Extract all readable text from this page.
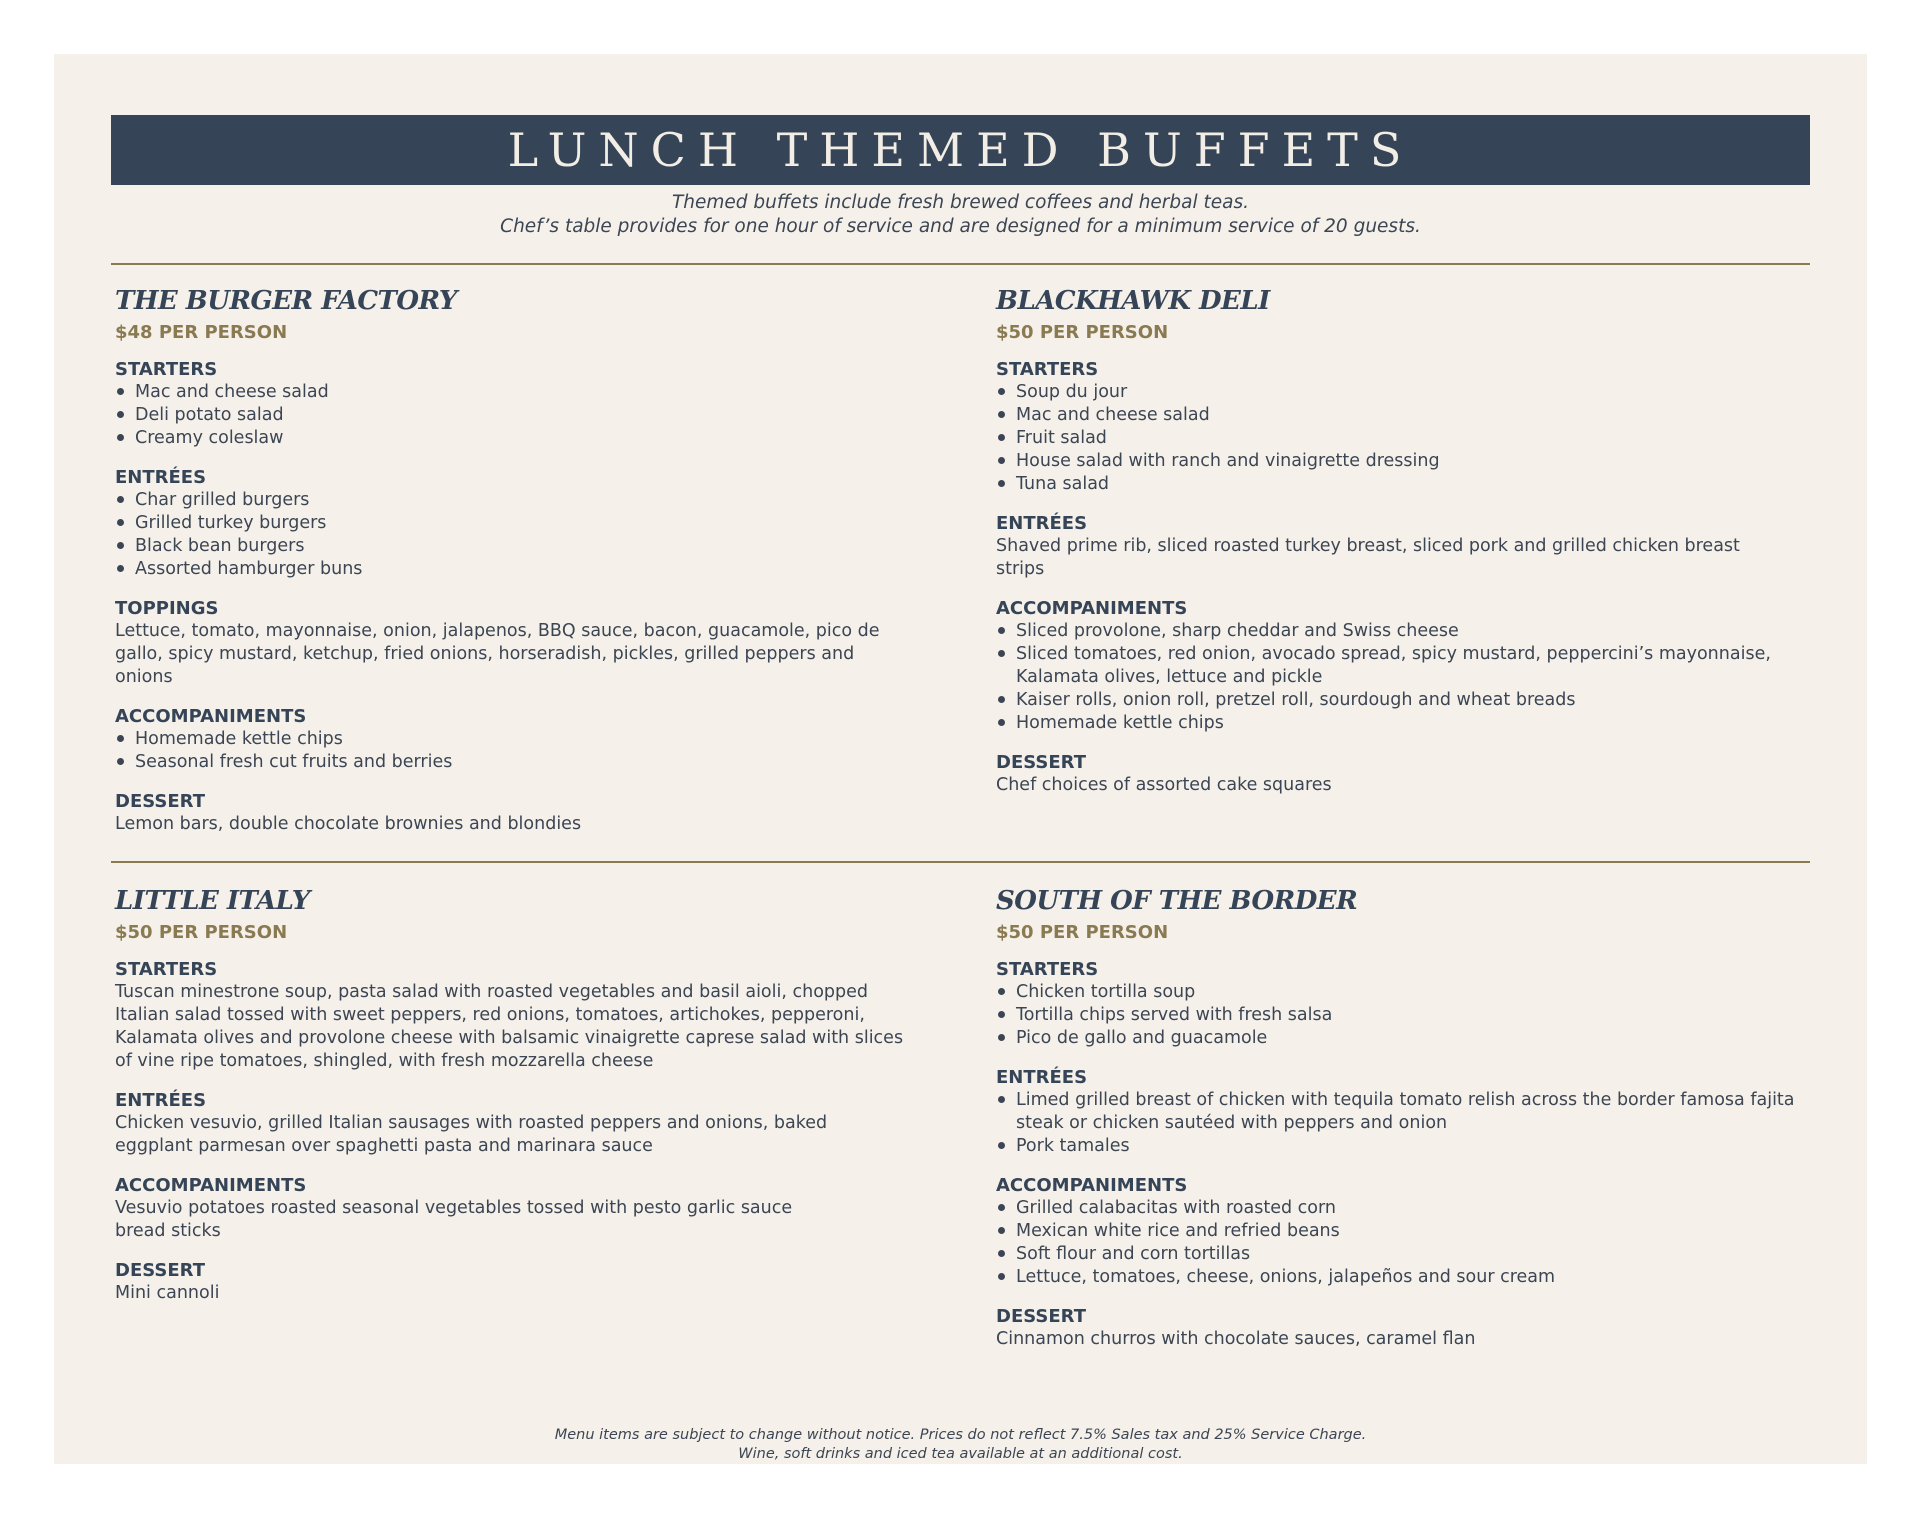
LUNCH THEMED BUFFETS
Themed buffets include fresh brewed coffees and herbal teas.
Chef’s table provides for one hour of service and are designed for a minimum service of 20 guests.
THE BURGER FACTORY
$48 PER PERSON
STARTERS
Mac and cheese salad
Deli potato salad
Creamy coleslaw
ENTRÉES
Char grilled burgers
Grilled turkey burgers
Black bean burgers
Assorted hamburger buns
TOPPINGS
Lettuce, tomato, mayonnaise, onion, jalapenos, BBQ sauce, bacon, guacamole, pico de gallo, spicy mustard, ketchup, fried onions, horseradish, pickles, grilled peppers and onions
ACCOMPANIMENTS
Homemade kettle chips
Seasonal fresh cut fruits and berries
DESSERT
Lemon bars, double chocolate brownies and blondies
BLACKHAWK DELI
$50 PER PERSON
STARTERS
Soup du jour
Mac and cheese salad
Fruit salad
House salad with ranch and vinaigrette dressing
Tuna salad
ENTRÉES
Shaved prime rib, sliced roasted turkey breast, sliced pork and grilled chicken breast strips
ACCOMPANIMENTS
Sliced provolone, sharp cheddar and Swiss cheese
Sliced tomatoes, red onion, avocado spread, spicy mustard, peppercini’s mayonnaise, Kalamata olives, lettuce and pickle
Kaiser rolls, onion roll, pretzel roll, sourdough and wheat breads
Homemade kettle chips
DESSERT
Chef choices of assorted cake squares
LITTLE ITALY
$50 PER PERSON
STARTERS
Tuscan minestrone soup, pasta salad with roasted vegetables and basil aioli, chopped Italian salad tossed with sweet peppers, red onions, tomatoes, artichokes, pepperoni, Kalamata olives and provolone cheese with balsamic vinaigrette caprese salad with slices of vine ripe tomatoes, shingled, with fresh mozzarella cheese
ENTRÉES
Chicken vesuvio, grilled Italian sausages with roasted peppers and onions, baked eggplant parmesan over spaghetti pasta and marinara sauce
ACCOMPANIMENTS
Vesuvio potatoes roasted seasonal vegetables tossed with pesto garlic sauce
bread sticks
DESSERT
Mini cannoli
SOUTH OF THE BORDER
$50 PER PERSON
STARTERS
Chicken tortilla soup
Tortilla chips served with fresh salsa
Pico de gallo and guacamole
ENTRÉES
Limed grilled breast of chicken with tequila tomato relish across the border famosa fajita steak or chicken sautéed with peppers and onion
Pork tamales
ACCOMPANIMENTS
Grilled calabacitas with roasted corn
Mexican white rice and refried beans
Soft flour and corn tortillas
Lettuce, tomatoes, cheese, onions, jalapeños and sour cream
DESSERT
Cinnamon churros with chocolate sauces, caramel flan
Menu items are subject to change without notice. Prices do not reflect 7.5% Sales tax and 25% Service Charge.
Wine, soft drinks and iced tea available at an additional cost.
